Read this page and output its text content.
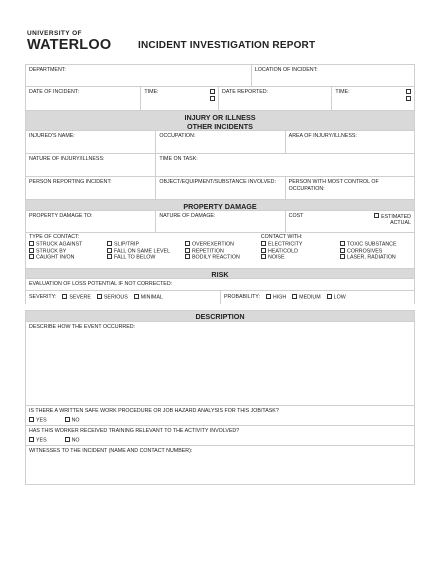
UNIVERSITY OF
WATERLOO	INCIDENT INVESTIGATION REPORT
DEPARTMENT:	LOCATION OF INCIDENT:
DATE OF INCIDENT:	TIME:	DATE REPORTED:	TIME:
INJURY OR ILLNESS
OTHER INCIDENTS
INJURED'S NAME:	OCCUPATION:	AREA OF INJURY/ILLNESS:
NATURE OF INJURY/ILLNESS:	TIME ON TASK:
PERSON REPORTING INCIDENT:	OBJECT/EQUIPMENT/SUBSTANCE INVOLVED:	PERSON WITH MOST CONTROL OF OCCUPATION:
PROPERTY DAMAGE
PROPERTY DAMAGE TO:	NATURE OF DAMAGE:	COST	ESTIMATED
ACTUAL
TYPE OF CONTACT:	CONTACT WITH:
STRUCK AGAINST	SLIP/TRIP	OVEREXERTION	ELECTRICITY	TOXIC SUBSTANCE
STRUCK BY	FALL ON SAME LEVEL	REPETITION	HEAT/COLD	CORROSIVES
CAUGHT IN/ON	FALL TO BELOW	BODILY REACTION	NOISE	LASER, RADIATION
RISK
EVALUATION OF LOSS POTENTIAL IF NOT CORRECTED:
SEVERITY:	SEVERE	SERIOUS	MINIMAL	PROBABILITY:	HIGH	MEDIUM	LOW
DESCRIPTION
DESCRIBE HOW THE EVENT OCCURRED:
IS THERE A WRITTEN SAFE WORK PROCEDURE OR JOB HAZARD ANALYSIS FOR THIS JOB/TASK?
YES	NO
HAS THIS WORKER RECEIVED TRAINING RELEVANT TO THE ACTIVITY INVOLVED?
YES	NO
WITNESSES TO THE INCIDENT (NAME AND CONTACT NUMBER):
